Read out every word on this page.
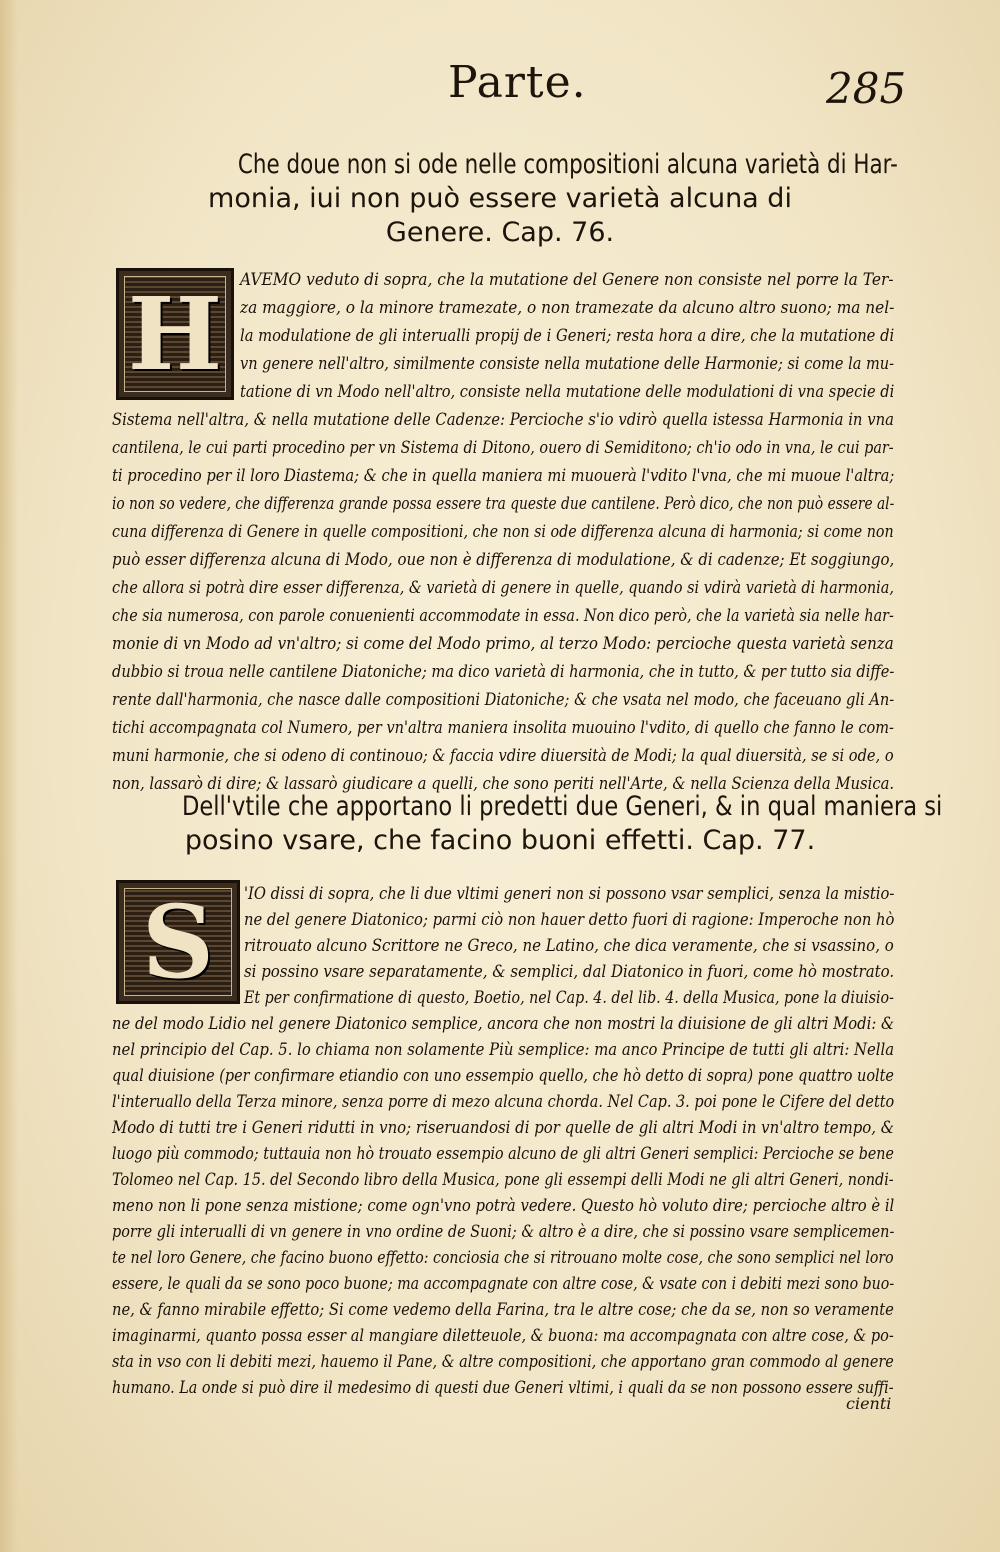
Parte.	285
Che doue non si ode nelle compositioni alcuna varietà di Har-
monia, iui non può essere varietà alcuna di
Genere. Cap. 76.
H AVEMO veduto di sopra, che la mutatione del Genere non consiste nel porre la Ter-
za maggiore, o la minore tramezate, o non tramezate da alcuno altro suono; ma nel-
la modulatione de gli interualli propij de i Generi; resta hora a dire, che la mutatione di
vn genere nell'altro, similmente consiste nella mutatione delle Harmonie; si come la mu-
tatione di vn Modo nell'altro, consiste nella mutatione delle modulationi di vna specie di
Sistema nell'altra, & nella mutatione delle Cadenze: Percioche s'io vdirò quella istessa Harmonia in vna
cantilena, le cui parti procedino per vn Sistema di Ditono, ouero di Semiditono; ch'io odo in vna, le cui par-
ti procedino per il loro Diastema; & che in quella maniera mi muouerà l'vdito l'vna, che mi muoue l'altra;
io non so vedere, che differenza grande possa essere tra queste due cantilene. Però dico, che non può essere al-
cuna differenza di Genere in quelle compositioni, che non si ode differenza alcuna di harmonia; si come non
può esser differenza alcuna di Modo, oue non è differenza di modulatione, & di cadenze; Et soggiungo,
che allora si potrà dire esser differenza, & varietà di genere in quelle, quando si vdirà varietà di harmonia,
che sia numerosa, con parole conuenienti accommodate in essa. Non dico però, che la varietà sia nelle har-
monie di vn Modo ad vn'altro; si come del Modo primo, al terzo Modo: percioche questa varietà senza
dubbio si troua nelle cantilene Diatoniche; ma dico varietà di harmonia, che in tutto, & per tutto sia diffe-
rente dall'harmonia, che nasce dalle compositioni Diatoniche; & che vsata nel modo, che faceuano gli An-
tichi accompagnata col Numero, per vn'altra maniera insolita muouino l'vdito, di quello che fanno le com-
muni harmonie, che si odeno di continouo; & faccia vdire diuersità de Modi; la qual diuersità, se si ode, o
non, lassarò di dire; & lassarò giudicare a quelli, che sono periti nell'Arte, & nella Scienza della Musica.
Dell'vtile che apportano li predetti due Generi, & in qual maniera si
posino vsare, che facino buoni effetti. Cap. 77.
S 'IO dissi di sopra, che li due vltimi generi non si possono vsar semplici, senza la mistio-
ne del genere Diatonico; parmi ciò non hauer detto fuori di ragione: Imperoche non hò
ritrouato alcuno Scrittore ne Greco, ne Latino, che dica veramente, che si vsassino, o
si possino vsare separatamente, & semplici, dal Diatonico in fuori, come hò mostrato.
Et per confirmatione di questo, Boetio, nel Cap. 4. del lib. 4. della Musica, pone la diuisio-
ne del modo Lidio nel genere Diatonico semplice, ancora che non mostri la diuisione de gli altri Modi: &
nel principio del Cap. 5. lo chiama non solamente Più semplice: ma anco Principe de tutti gli altri: Nella
qual diuisione (per confirmare etiandio con uno essempio quello, che hò detto di sopra) pone quattro uolte
l'interuallo della Terza minore, senza porre di mezo alcuna chorda. Nel Cap. 3. poi pone le Cifere del detto
Modo di tutti tre i Generi ridutti in vno; riseruandosi di por quelle de gli altri Modi in vn'altro tempo, &
luogo più commodo; tuttauia non hò trouato essempio alcuno de gli altri Generi semplici: Percioche se bene
Tolomeo nel Cap. 15. del Secondo libro della Musica, pone gli essempi delli Modi ne gli altri Generi, nondi-
meno non li pone senza mistione; come ogn'vno potrà vedere. Questo hò voluto dire; percioche altro è il
porre gli interualli di vn genere in vno ordine de Suoni; & altro è a dire, che si possino vsare semplicemen-
te nel loro Genere, che facino buono effetto: conciosia che si ritrouano molte cose, che sono semplici nel loro
essere, le quali da se sono poco buone; ma accompagnate con altre cose, & vsate con i debiti mezi sono buo-
ne, & fanno mirabile effetto; Si come vedemo della Farina, tra le altre cose; che da se, non so veramente
imaginarmi, quanto possa esser al mangiare diletteuole, & buona: ma accompagnata con altre cose, & po-
sta in vso con li debiti mezi, hauemo il Pane, & altre compositioni, che apportano gran commodo al genere
humano. La onde si può dire il medesimo di questi due Generi vltimi, i quali da se non possono essere suffi-
cienti
